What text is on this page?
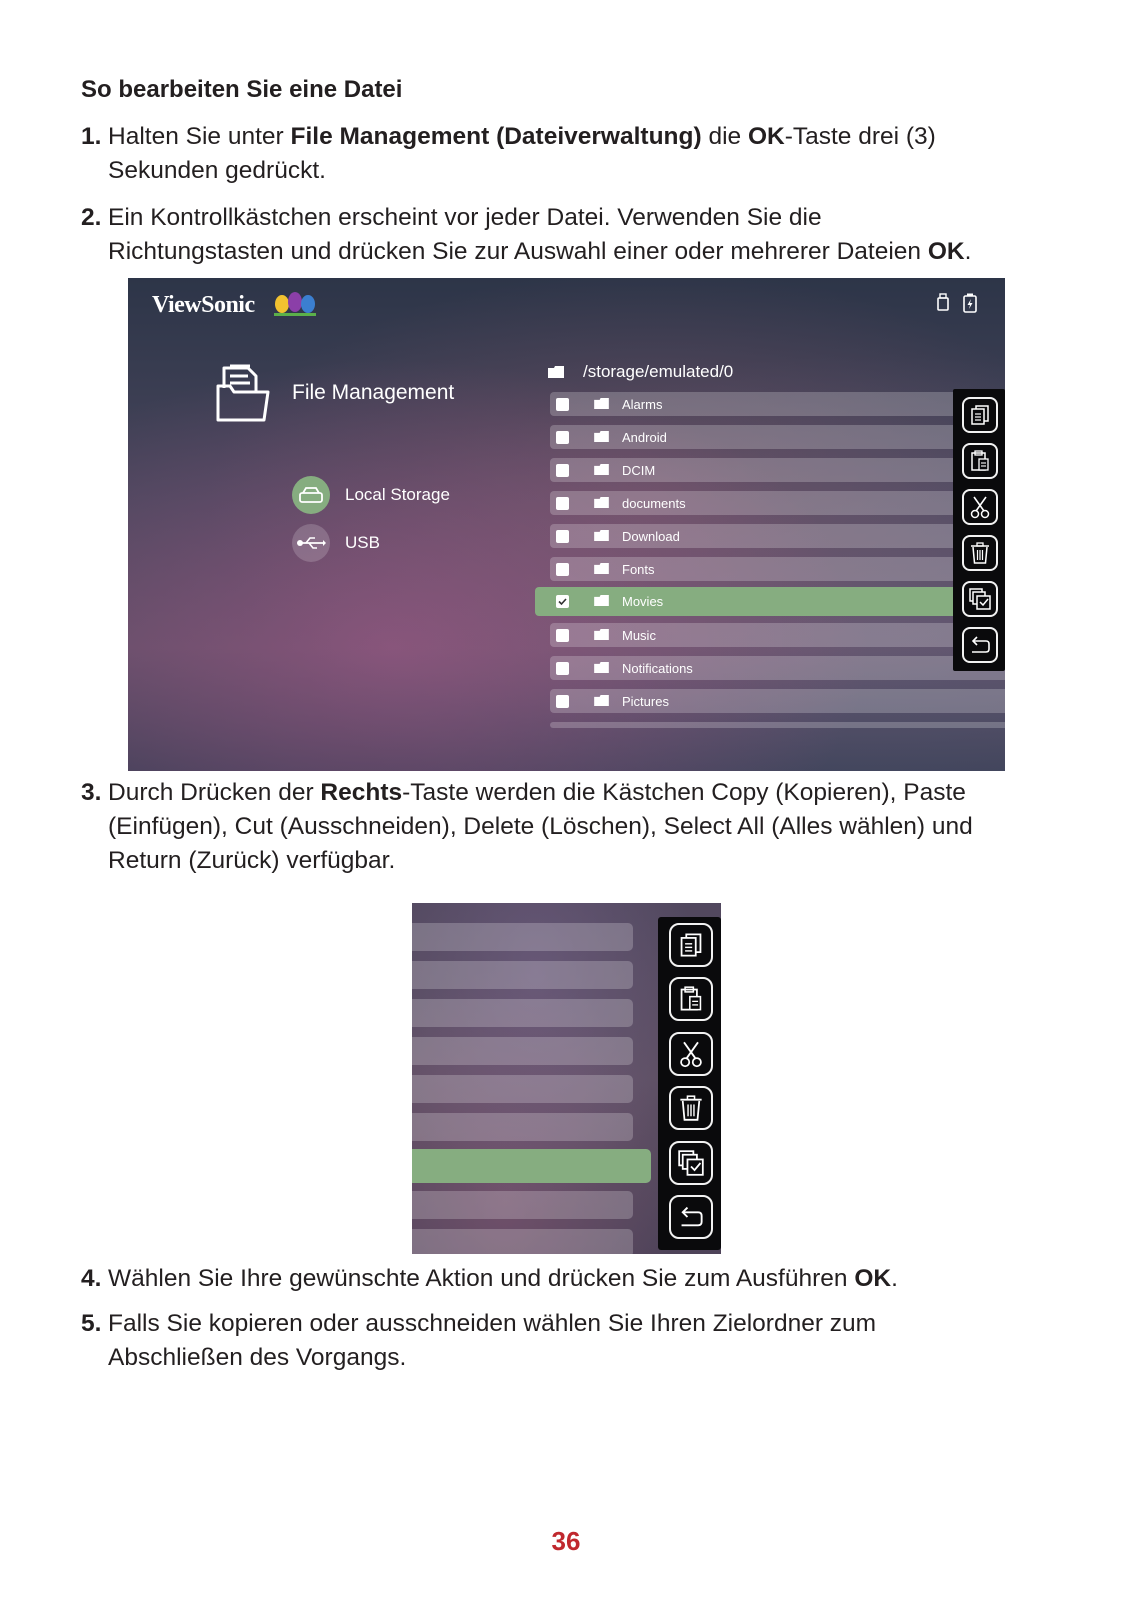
So bearbeiten Sie eine Datei
1. Halten Sie unter File Management (Dateiverwaltung) die OK-Taste drei (3)
Sekunden gedrückt.
2. Ein Kontrollkästchen erscheint vor jeder Datei. Verwenden Sie die
Richtungstasten und drücken Sie zur Auswahl einer oder mehrerer Dateien OK.
ViewSonic
File Management
Local Storage
USB
/storage/emulated/0
Alarms
Android
DCIM
documents
Download
Fonts
Movies
Music
Notifications
Pictures
3. Durch Drücken der Rechts-Taste werden die Kästchen Copy (Kopieren), Paste
(Einfügen), Cut (Ausschneiden), Delete (Löschen), Select All (Alles wählen) und
Return (Zurück) verfügbar.
4. Wählen Sie Ihre gewünschte Aktion und drücken Sie zum Ausführen OK.
5. Falls Sie kopieren oder ausschneiden wählen Sie Ihren Zielordner zum
Abschließen des Vorgangs.
36
